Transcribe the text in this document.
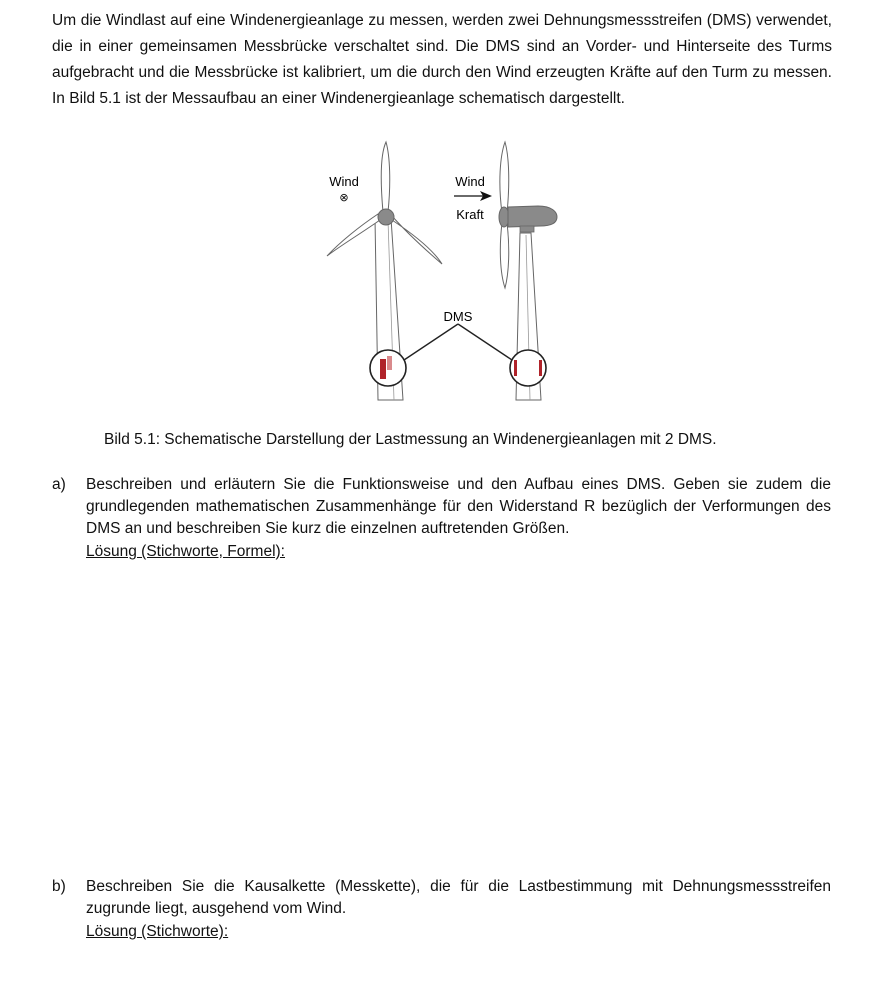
Um die Windlast auf eine Windenergieanlage zu messen, werden zwei Dehnungsmessstreifen (DMS) verwendet, die in einer gemeinsamen Messbrücke verschaltet sind. Die DMS sind an Vorder- und Hinterseite des Turms aufgebracht und die Messbrücke ist kalibriert, um die durch den Wind erzeugten Kräfte auf den Turm zu messen. In Bild 5.1 ist der Messaufbau an einer Windenergieanlage schematisch dargestellt.

Wind
⊗
Wind
Kraft
DMS

Bild 5.1: Schematische Darstellung der Lastmessung an Windenergieanlagen mit 2 DMS.

a) Beschreiben und erläutern Sie die Funktionsweise und den Aufbau eines DMS. Geben sie zudem die grundlegenden mathematischen Zusammenhänge für den Widerstand R bezüglich der Verformungen des DMS an und beschreiben Sie kurz die einzelnen auftretenden Größen.

Lösung (Stichworte, Formel):
b) Beschreiben Sie die Kausalkette (Messkette), die für die Lastbestimmung mit Dehnungsmessstreifen zugrunde liegt, ausgehend vom Wind.

Lösung (Stichworte):
